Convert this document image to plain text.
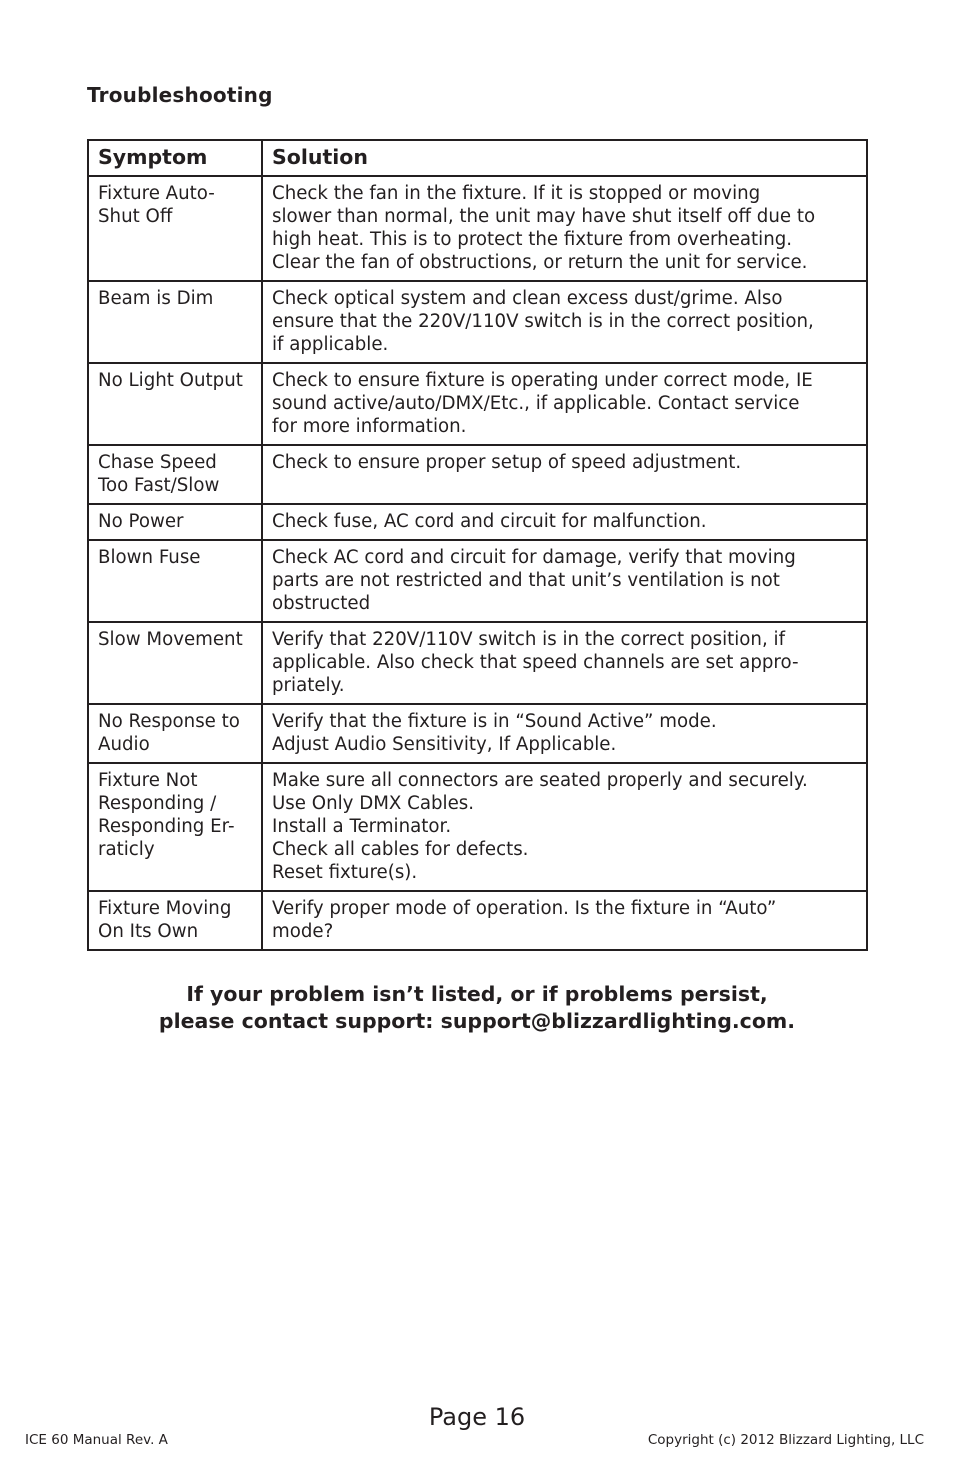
Troubleshooting
Symptom	Solution

Fixture Auto-
Shut Off	Check the fan in the fixture. If it is stopped or moving
slower than normal, the unit may have shut itself off due to
high heat. This is to protect the fixture from overheating.
Clear the fan of obstructions, or return the unit for service.

Beam is Dim	Check optical system and clean excess dust/grime. Also
ensure that the 220V/110V switch is in the correct position,
if applicable.

No Light Output	Check to ensure fixture is operating under correct mode, IE
sound active/auto/DMX/Etc., if applicable. Contact service
for more information.

Chase Speed
Too Fast/Slow	Check to ensure proper setup of speed adjustment.

No Power	Check fuse, AC cord and circuit for malfunction.

Blown Fuse	Check AC cord and circuit for damage, verify that moving
parts are not restricted and that unit’s ventilation is not
obstructed

Slow Movement	Verify that 220V/110V switch is in the correct position, if
applicable. Also check that speed channels are set appro-
priately.

No Response to
Audio	Verify that the fixture is in “Sound Active” mode.
Adjust Audio Sensitivity, If Applicable.

Fixture Not
Responding /
Responding Er-
raticly	Make sure all connectors are seated properly and securely.
Use Only DMX Cables.
Install a Terminator.
Check all cables for defects.
Reset fixture(s).

Fixture Moving
On Its Own	Verify proper mode of operation. Is the fixture in “Auto”
mode?
If your problem isn’t listed, or if problems persist,
please contact support: support@blizzardlighting.com.
Page 16
ICE 60 Manual Rev. A	Copyright (c) 2012 Blizzard Lighting, LLC
